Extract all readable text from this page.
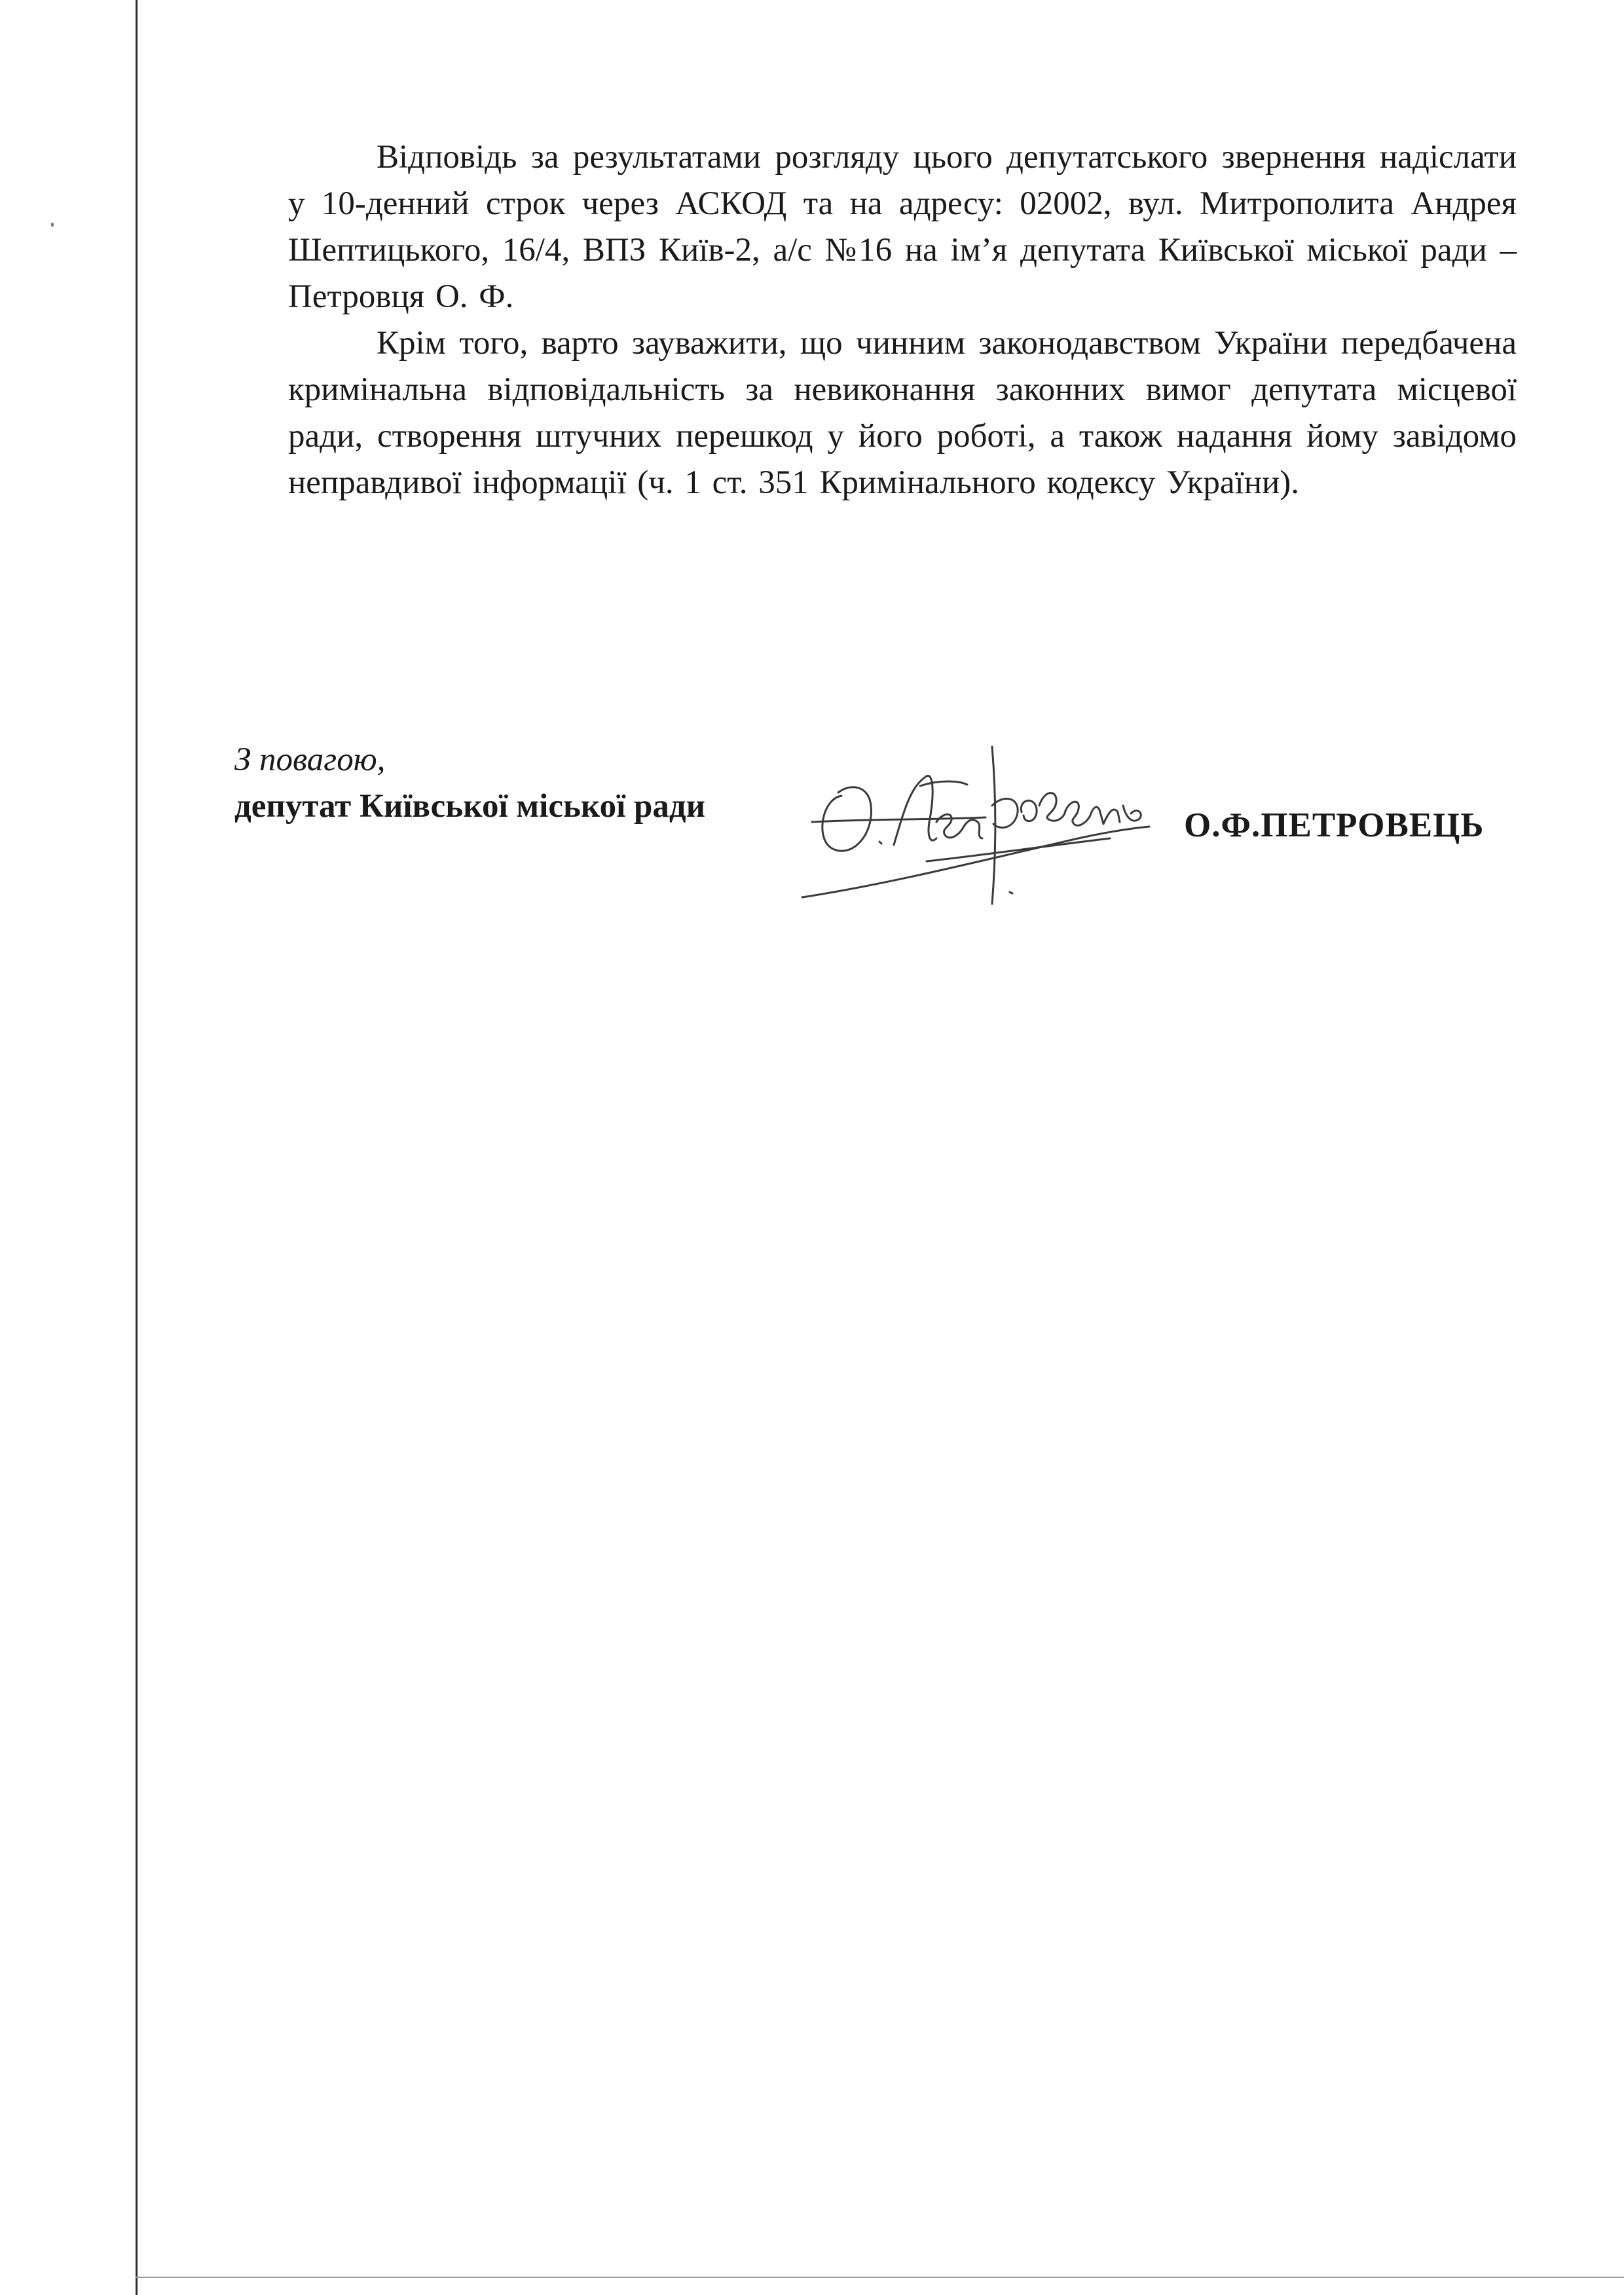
Відповідь за результатами розгляду цього депутатського звернення надіслати у 10-денний строк через АСКОД та на адресу: 02002, вул. Митрополита Андрея Шептицького, 16/4, ВПЗ Київ-2, а/с №16 на ім’я депутата Київської міської ради – Петровця О. Ф.

Крім того, варто зауважити, що чинним законодавством України передбачена кримінальна відповідальність за невиконання законних вимог депутата місцевої ради, створення штучних перешкод у його роботі, а також надання йому завідомо неправдивої інформації (ч. 1 ст. 351 Кримінального кодексу України).

З повагою,
депутат Київської міської ради	О.Ф.ПЕТРОВЕЦЬ
